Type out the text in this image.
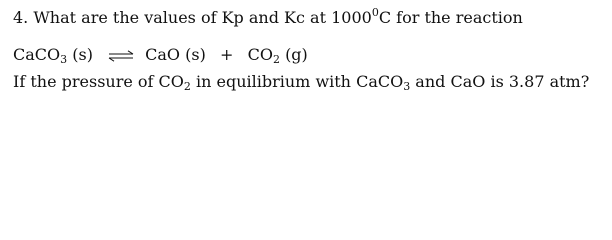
4. What are the values of Kp and Kc at 1000$^0$C for the reaction
CaCO$_3$ (s) ⇌ CaO $(s) + CO_2$ (g)
If the pressure of $CO_2$ in equilibrium with CaCO$_3$ and CaO is 3.87 atm?
